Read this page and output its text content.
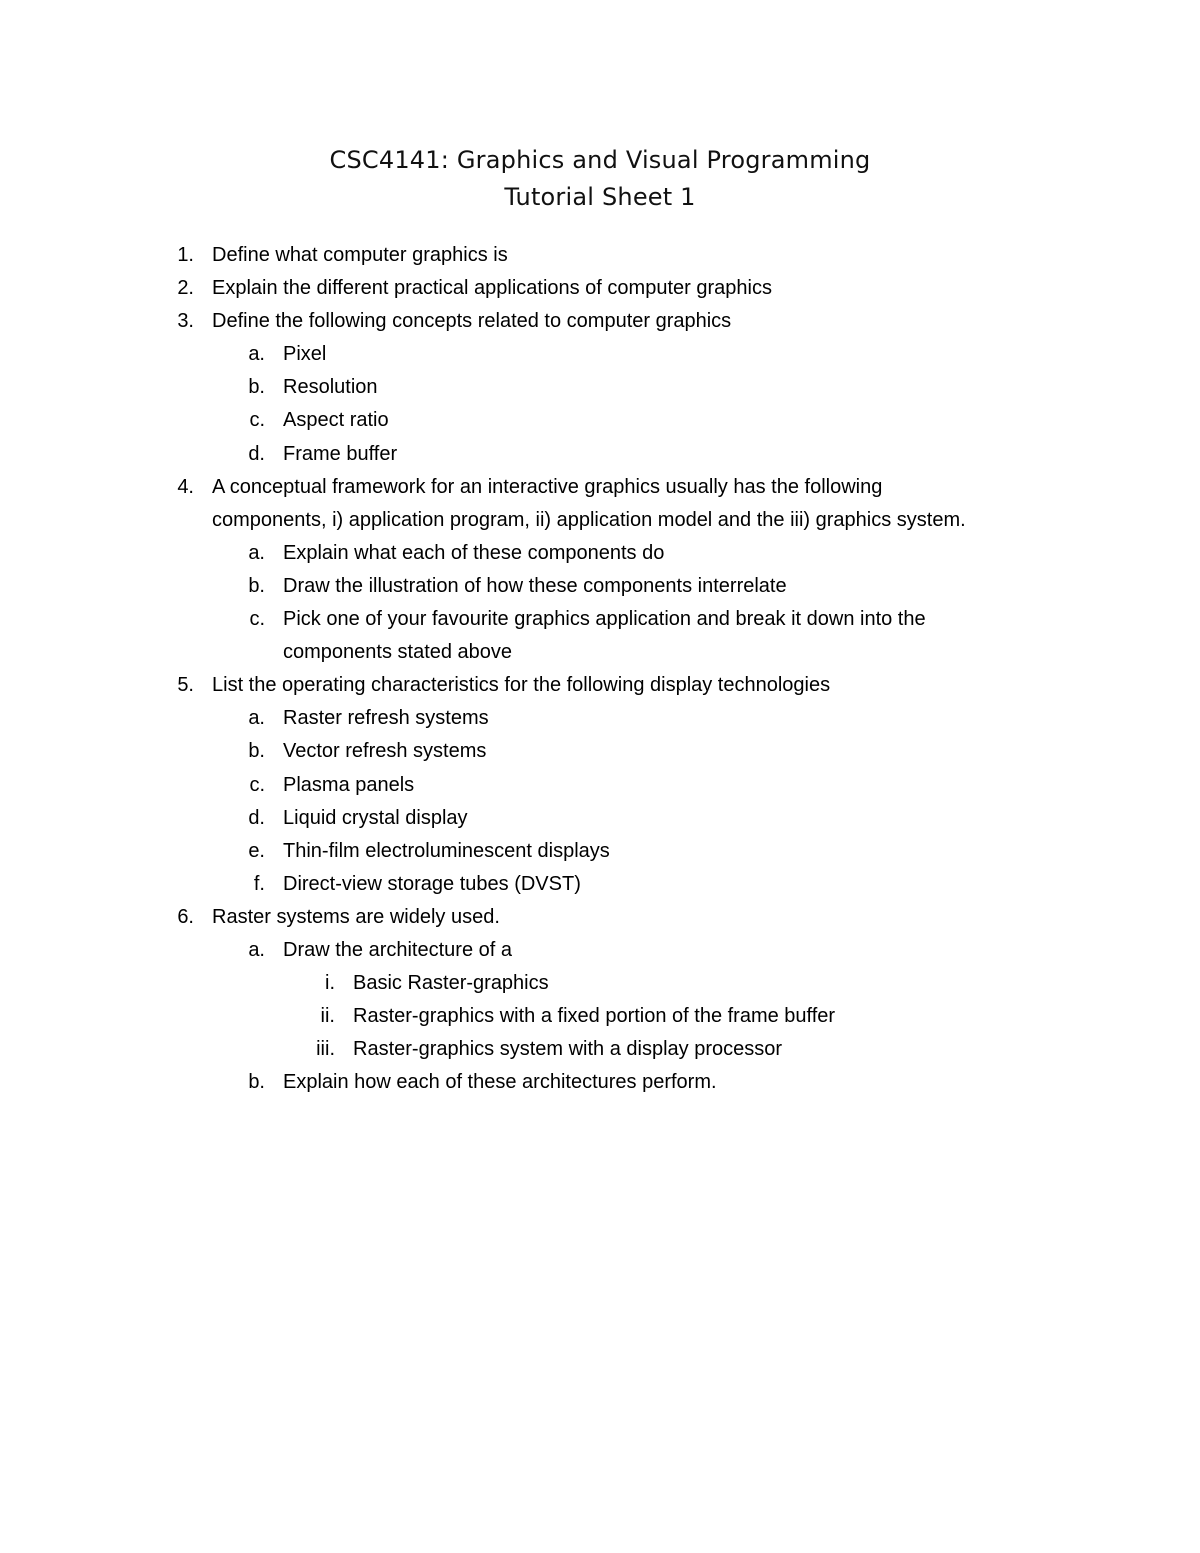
CSC4141: Graphics and Visual Programming
Tutorial Sheet 1
1. Define what computer graphics is
2. Explain the different practical applications of computer graphics
3. Define the following concepts related to computer graphics
a. Pixel
b. Resolution
c. Aspect ratio
d. Frame buffer
4. A conceptual framework for an interactive graphics usually has the following
components, i) application program, ii) application model and the iii) graphics system.
a. Explain what each of these components do
b. Draw the illustration of how these components interrelate
c. Pick one of your favourite graphics application and break it down into the
components stated above
5. List the operating characteristics for the following display technologies
a. Raster refresh systems
b. Vector refresh systems
c. Plasma panels
d. Liquid crystal display
e. Thin-film electroluminescent displays
f. Direct-view storage tubes (DVST)
6. Raster systems are widely used.
a. Draw the architecture of a
i. Basic Raster-graphics
ii. Raster-graphics with a fixed portion of the frame buffer
iii. Raster-graphics system with a display processor
b. Explain how each of these architectures perform.
